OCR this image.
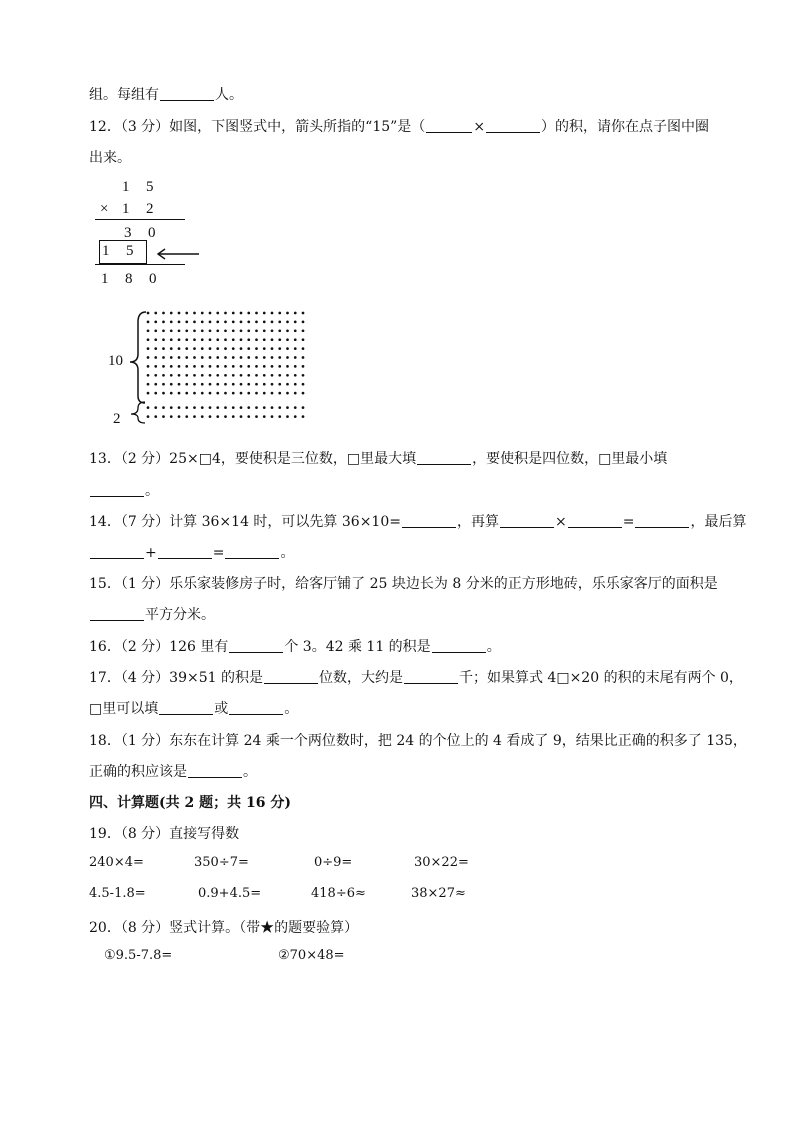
组。每组有	人。
12．（3 分）如图，下图竖式中，箭头所指的“15”是（	×	）的积，请你在点子图中圈
出来。
1 5
× 1 2
3 0
1 5
1 8 0
10
2
13．（2 分）25×□4，要使积是三位数，□里最大填	，要使积是四位数，□里最小填
。
14．（7 分）计算 36×14 时，可以先算 36×10=	，再算	×	=	，最后算
+	=	。
15．（1 分）乐乐家装修房子时，给客厅铺了 25 块边长为 8 分米的正方形地砖，乐乐家客厅的面积是
平方分米。
16．（2 分）126 里有	个 3。42 乘 11 的积是	。
17．（4 分）39×51 的积是	位数，大约是	千；如果算式 4□×20 的积的末尾有两个 0，
□里可以填	或	。
18．（1 分）东东在计算 24 乘一个两位数时，把 24 的个位上的 4 看成了 9，结果比正确的积多了 135，
正确的积应该是	。
四、计算题(共 2 题；共 16 分)
19．（8 分）直接写得数
240×4=	350÷7=	0÷9=	30×22=
4.5-1.8=	0.9+4.5=	418÷6≈	38×27≈
20．（8 分）竖式计算。（带★的题要验算）
①9.5-7.8=	②70×48=
